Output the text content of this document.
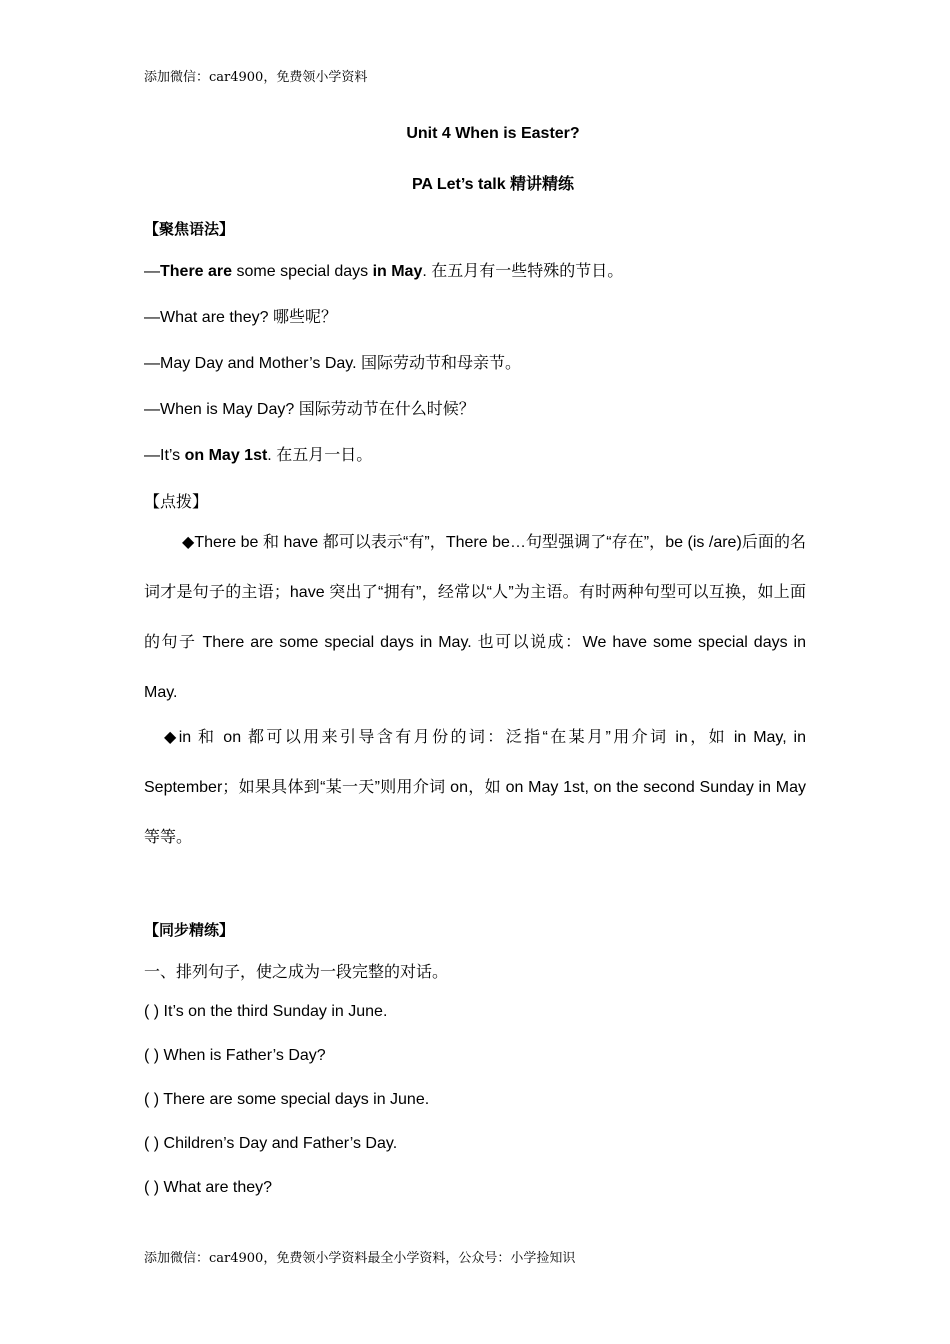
添加微信：car4900，免费领小学资料
Unit 4 When is Easter?
PA Let’s talk 精讲精练
【聚焦语法】
—There are some special days in May. 在五月有一些特殊的节日。
—What are they? 哪些呢？
—May Day and Mother’s Day. 国际劳动节和母亲节。
—When is May Day? 国际劳动节在什么时候？
—It’s on May 1st. 在五月一日。
【点拨】
◆There be 和 have 都可以表示“有”，There be…句型强调了“存在”，be (is /are)后面的名词才是句子的主语；have 突出了“拥有”，经常以“人”为主语。有时两种句型可以互换，如上面的句子 There are some special days in May. 也可以说成：We have some special days in May.
◆in 和 on 都可以用来引导含有月份的词：泛指“在某月”用介词 in，如 in May, in September；如果具体到“某一天”则用介词 on，如 on May 1st, on the second Sunday in May 等等。
【同步精练】
一、排列句子，使之成为一段完整的对话。
( ) It’s on the third Sunday in June.
( ) When is Father’s Day?
( ) There are some special days in June.
( ) Children’s Day and Father’s Day.
( ) What are they?
添加微信：car4900，免费领小学资料最全小学资料，公众号：小学捡知识
